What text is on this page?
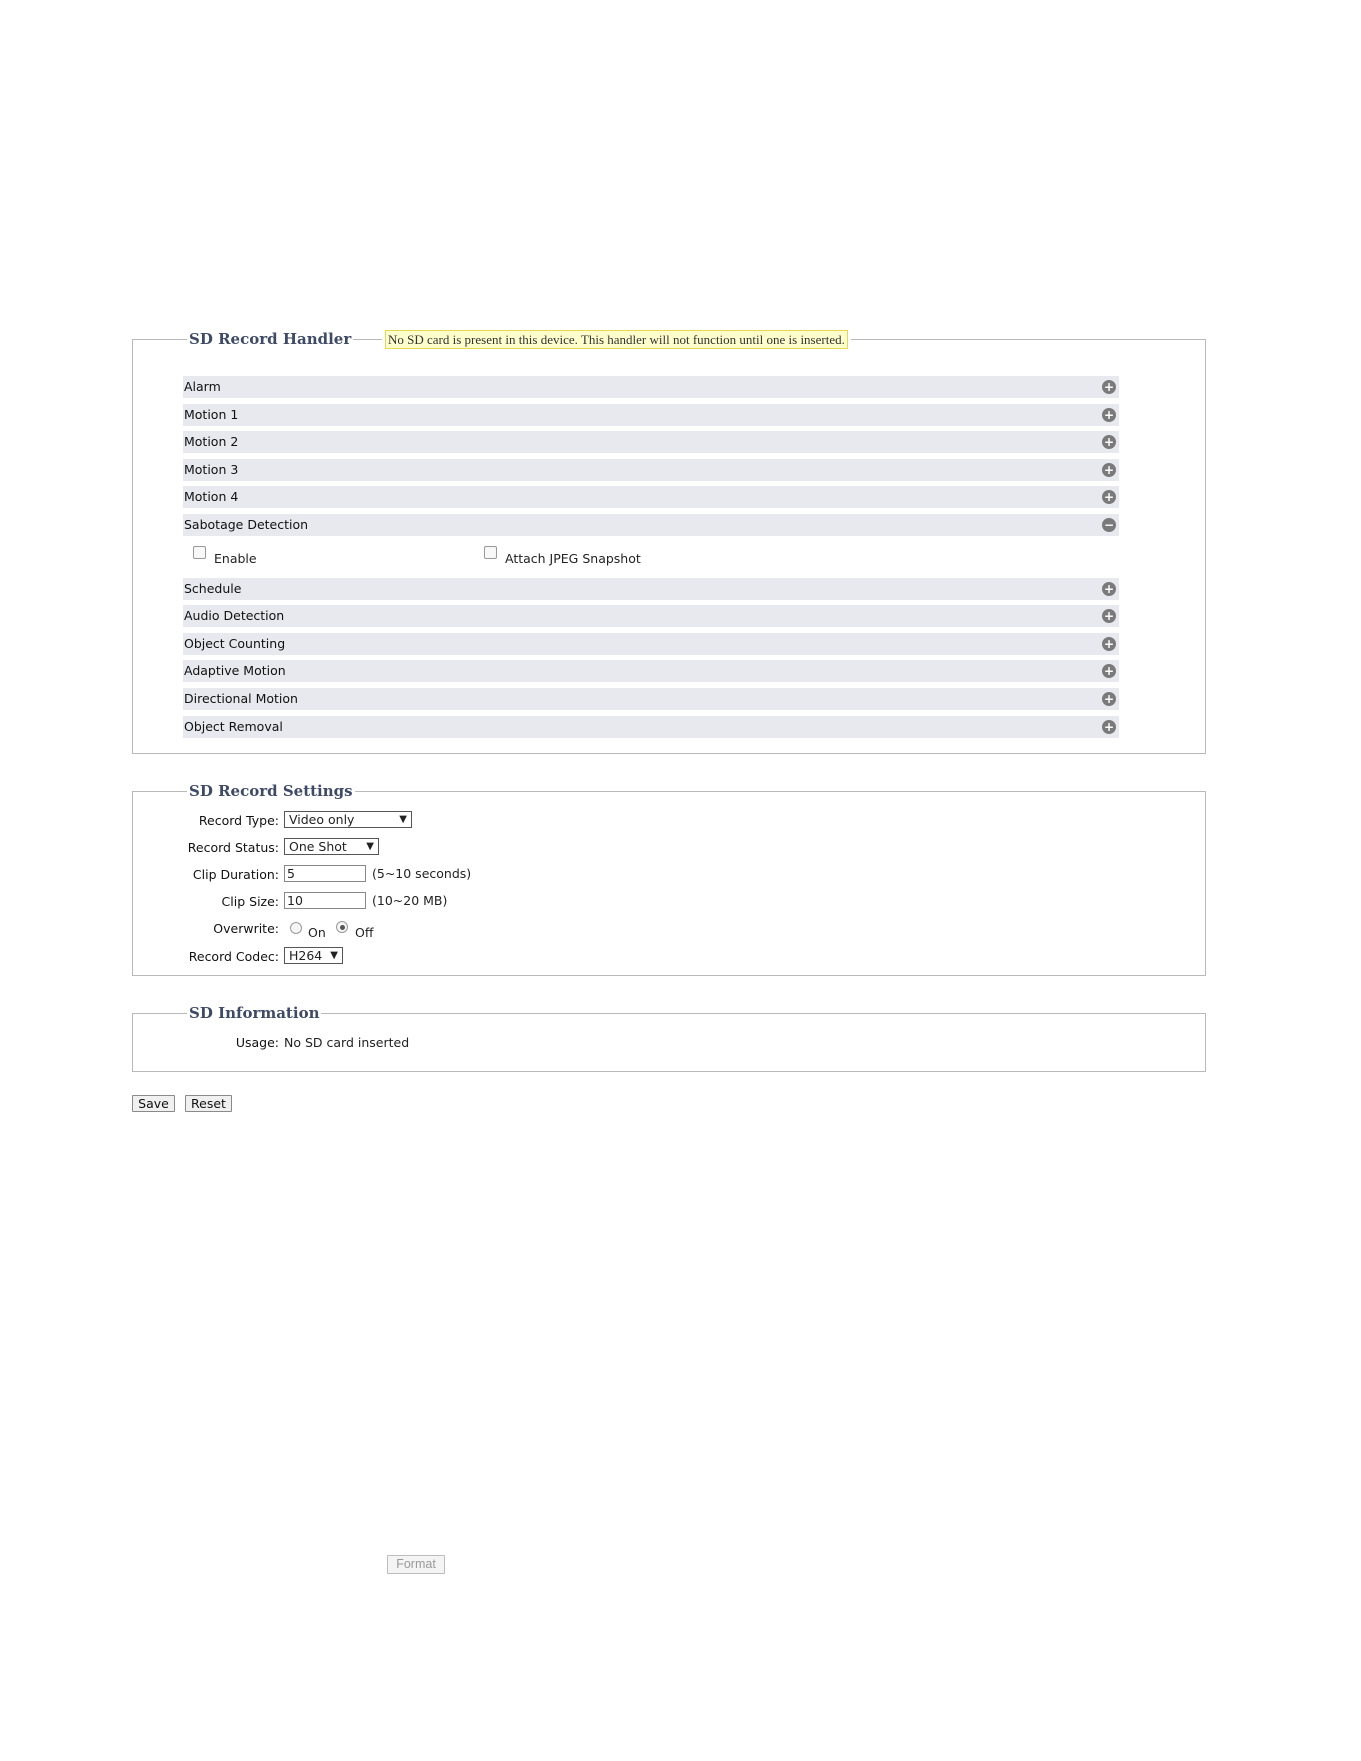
SD Record Handler	No SD card is present in this device. This handler will not function until one is inserted.
Alarm	+
Motion 1	+
Motion 2	+
Motion 3	+
Motion 4	+
Sabotage Detection	−
Enable	Attach JPEG Snapshot
Schedule	+
Audio Detection	+
Object Counting	+
Adaptive Motion	+
Directional Motion	+
Object Removal	+
SD Record Settings
Record Type: Video only	▼
Record Status: One Shot ▼
Clip Duration: 5	(5~10 seconds)
Clip Size: 10	(10~20 MB)
Overwrite: On Off
Record Codec: H264 ▼
SD Information
Usage: No SD card inserted
Save	Reset
Format
